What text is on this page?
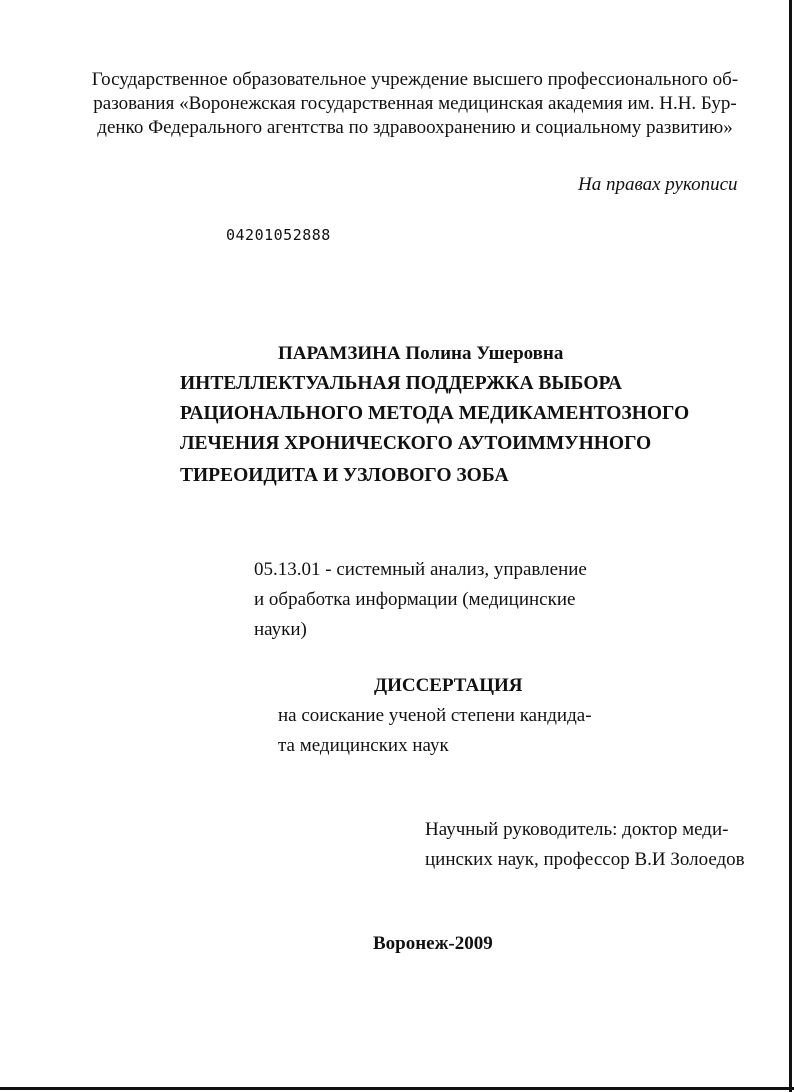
Государственное образовательное учреждение высшего профессионального об-
разования «Воронежская государственная медицинская академия им. Н.Н. Бур-
денко Федерального агентства по здравоохранению и социальному развитию»
На правах рукописи
04201052888
ПАРАМЗИНА Полина Ушеровна
ИНТЕЛЛЕКТУАЛЬНАЯ ПОДДЕРЖКА ВЫБОРА
РАЦИОНАЛЬНОГО МЕТОДА МЕДИКАМЕНТОЗНОГО
ЛЕЧЕНИЯ ХРОНИЧЕСКОГО АУТОИММУННОГО
ТИРЕОИДИТА И УЗЛОВОГО ЗОБА
05.13.01 - системный анализ, управление
и обработка информации (медицинские
науки)
ДИССЕРТАЦИЯ
на соискание ученой степени кандида-
та медицинских наук
Научный руководитель: доктор меди-
цинских наук, профессор В.И Золоедов
Воронеж-2009
